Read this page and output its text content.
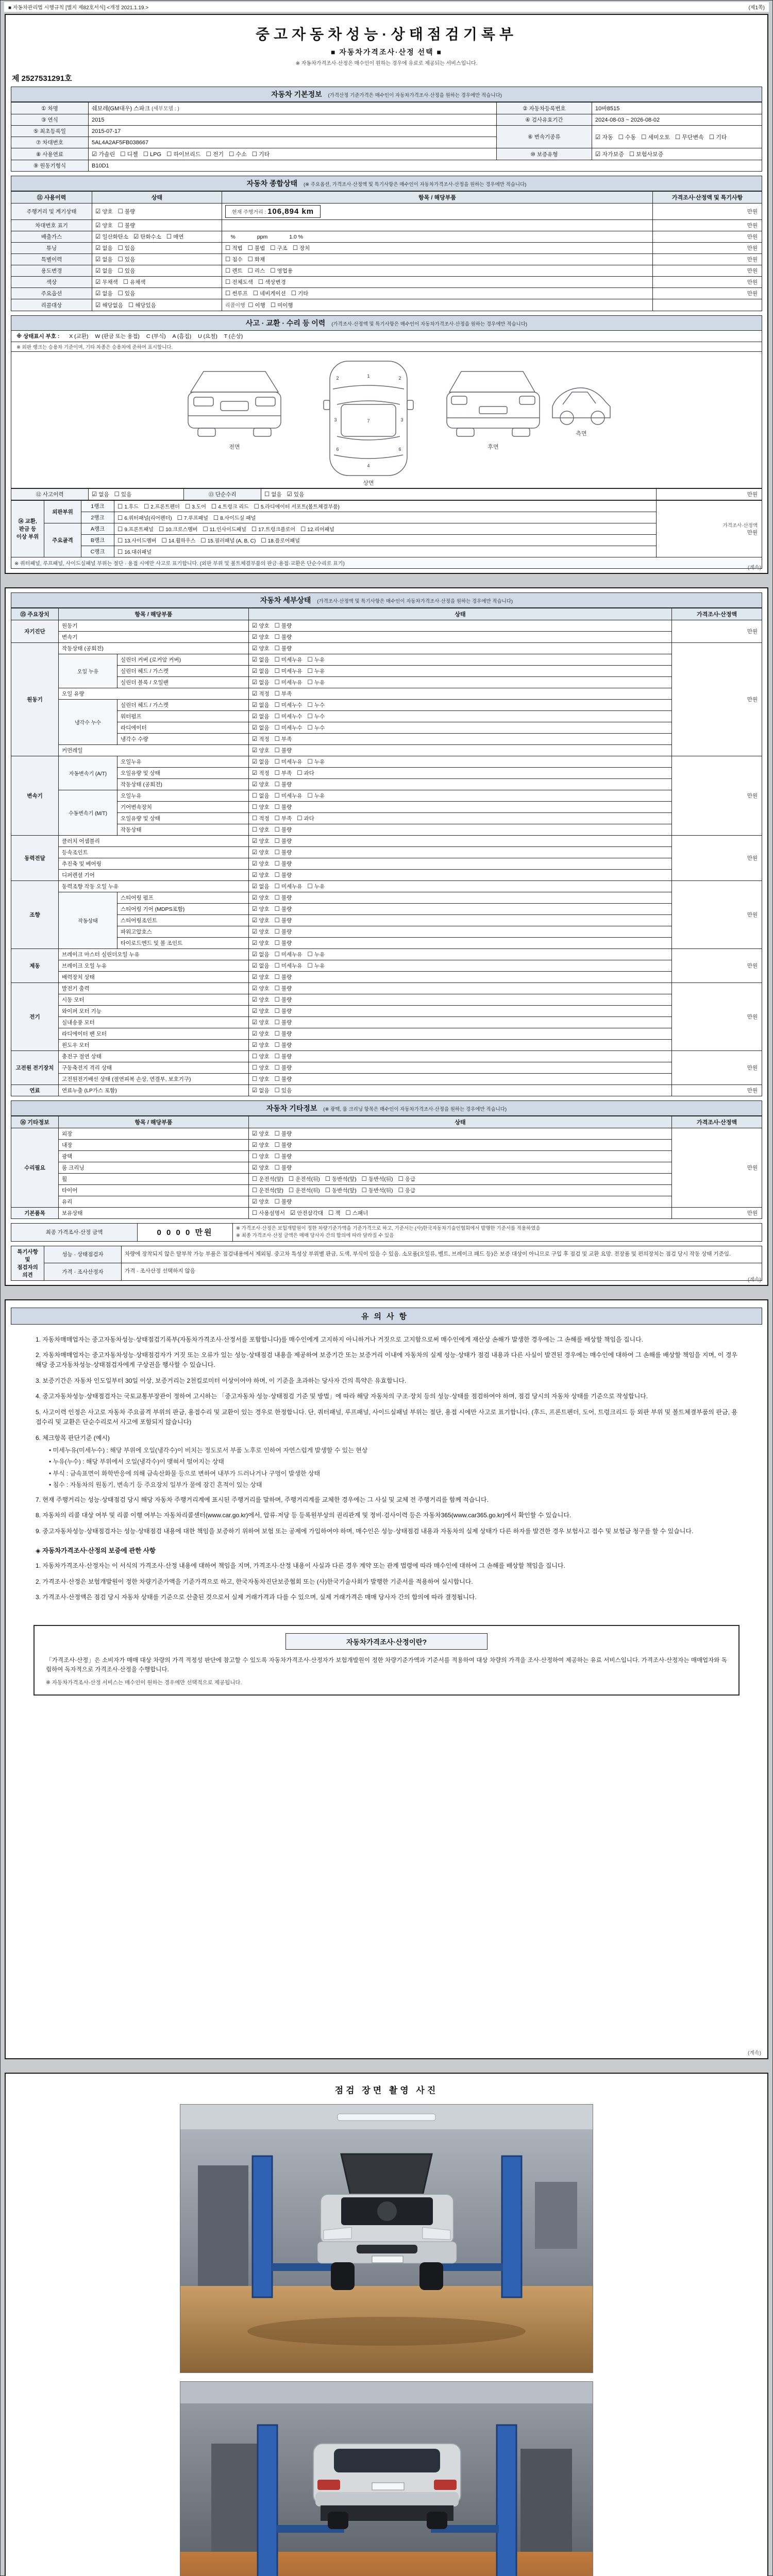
■ 자동차관리법 시행규칙 [별지 제82호서식] <개정 2021.1.19.>	(제1쪽)
중고자동차성능·상태점검기록부
■ 자동차가격조사·산정 선택 ■
※ 자동차가격조사·산정은 매수인이 원하는 경우에 유료로 제공되는 서비스입니다.
제 2527531291호
자동차 기본정보 (가격산정 기준가격은 매수인이 자동차가격조사·산정을 원하는 경우에만 적습니다)
① 차명	쉐보레(GM대우) 스파크 (세부모델 : )	② 자동차등록번호	10바8515
③ 연식	2015	④ 검사유효기간	2024-08-03 ~ 2026-08-02
⑤ 최초등록일	2015-07-17	⑥ 변속기종류	☑ 자동 ☐ 수동 ☐ 세미오토 ☐ 무단변속 ☐ 기타
⑦ 차대번호	5AL4A2AF5FB038667		
⑧ 사용연료	☑ 가솔린 ☐ 디젤 ☐ LPG ☐ 하이브리드 ☐ 전기 ☐ 수소 ☐ 기타	⑩ 보증유형	☑ 자가보증 ☐ 보험사보증
⑨ 원동기형식	B10D1		
자동차 종합상태 (※ 주요옵션, 가격조사·산정액 및 특기사항은 매수인이 자동차가격조사·산정을 원하는 경우에만 적습니다)
⑪ 사용이력	상태	항목 / 해당부품	가격조사·산정액 및 특기사항
주행거리 및 계기상태	☑ 양호 ☐ 불량	현재 주행거리 : 106,894 km	만원
차대번호 표기	☑ 양호 ☐ 불량		만원
배출가스	☑ 일산화탄소 ☑ 탄화수소 ☐ 매연	　%　　　　ppm　　　　1.0 %	만원
튜닝	☑ 없음 ☐ 있음	☐ 적법 ☐ 불법 ☐ 구조 ☐ 장치	만원
특별이력	☑ 없음 ☐ 있음	☐ 침수 ☐ 화재	만원
용도변경	☑ 없음 ☐ 있음	☐ 렌트 ☐ 리스 ☐ 영업용	만원
색상	☑ 무채색 ☐ 유채색	☐ 전체도색 ☐ 색상변경	만원
주요옵션	☑ 없음 ☐ 있음	☐ 썬루프 ☐ 네비게이션 ☐ 기타	만원
리콜대상	☑ 해당없음 ☐ 해당있음	리콜이행  ☐ 이행 ☐ 미이행	
사고 · 교환 · 수리 등 이력 (가격조사·산정액 및 특기사항은 매수인이 자동차가격조사·산정을 원하는 경우에만 적습니다)
※ 상태표시 부호 : X (교환) W (판금 또는 용접) C (부식) A (흠집) U (요철) T (손상)
※ 외판 랭크는 승용차 기준이며, 기타 차종은 승용차에 준하여 표시합니다.
전면
1
2	2
3	3
7
6	6
4
상면
후면
측면
⑫ 사고이력	☑ 없음 ☐ 있음	⑬ 단순수리	☐ 없음 ☑ 있음	만원
⑭ 교환, 판금 등 이상 부위	외판부위	1랭크	☐ 1.후드 ☐ 2.프론트펜더 ☐ 3.도어 ☐ 4.트렁크 리드 ☐ 5.라디에이터 서포트(볼트체결부품)	가격조사·산정액
만원

		2랭크	☐ 6.쿼터패널(리어펜더) ☐ 7.루프패널 ☐ 8.사이드실 패널	
	주요골격	A랭크	☐ 9.프론트패널 ☐ 10.크로스멤버 ☐ 11.인사이드패널 ☐ 17.트렁크플로어 ☐ 12.리어패널	
		B랭크	☐ 13.사이드멤버 ☐ 14.휠하우스 ☐ 15.필러패널 (A, B, C) ☐ 18.플로어패널	
		C랭크	☐ 16.대쉬패널	
※ 쿼터패널, 루프패널, 사이드실패널 부위는 절단 · 용접 시에만 사고로 표기합니다. (외판 부위 및 볼트체결부품의 판금·용접·교환은 단순수리로 표기)				
(계속)
자동차 세부상태 (가격조사·산정액 및 특기사항은 매수인이 자동차가격조사·산정을 원하는 경우에만 적습니다)
⑮ 주요장치	항목 / 해당부품		상태	가격조사·산정액
자기진단	원동기		☑ 양호 ☐ 불량	만원
	변속기		☑ 양호 ☐ 불량	
원동기	작동상태 (공회전)		☑ 양호 ☐ 불량	만원
	오일 누유	실린더 커버 (로커암 커버)	☑ 없음 ☐ 미세누유 ☐ 누유	
		실린더 헤드 / 가스켓	☑ 없음 ☐ 미세누유 ☐ 누유	
		실린더 블록 / 오일팬	☑ 없음 ☐ 미세누유 ☐ 누유	
	오일 유량		☑ 적정 ☐ 부족	
	냉각수 누수	실린더 헤드 / 가스켓	☑ 없음 ☐ 미세누수 ☐ 누수	
		워터펌프	☑ 없음 ☐ 미세누수 ☐ 누수	
		라디에이터	☑ 없음 ☐ 미세누수 ☐ 누수	
		냉각수 수량	☑ 적정 ☐ 부족	
	커먼레일		☑ 양호 ☐ 불량	
변속기	자동변속기 (A/T)	오일누유	☑ 없음 ☐ 미세누유 ☐ 누유	만원
		오일유량 및 상태	☑ 적정 ☐ 부족 ☐ 과다	
		작동상태 (공회전)	☑ 양호 ☐ 불량	
	수동변속기 (M/T)	오일누유	☐ 없음 ☐ 미세누유 ☐ 누유	
		기어변속장치	☐ 양호 ☐ 불량	
		오일유량 및 상태	☐ 적정 ☐ 부족 ☐ 과다	
		작동상태	☐ 양호 ☐ 불량	
동력전달	클러치 어셈블리		☑ 양호 ☐ 불량	만원
	등속조인트		☑ 양호 ☐ 불량	
	추진축 및 베어링		☑ 양호 ☐ 불량	
	디퍼렌셜 기어		☑ 양호 ☐ 불량	
조향	동력조향 작동 오일 누유		☑ 없음 ☐ 미세누유 ☐ 누유	만원
	작동상태	스티어링 펌프	☑ 양호 ☐ 불량	
		스티어링 기어 (MDPS포함)	☑ 양호 ☐ 불량	
		스티어링조인트	☑ 양호 ☐ 불량	
		파워고압호스	☑ 양호 ☐ 불량	
		타이로드엔드 및 볼 조인트	☑ 양호 ☐ 불량	
제동	브레이크 마스터 실린더오일 누유		☑ 없음 ☐ 미세누유 ☐ 누유	만원
	브레이크 오일 누유		☑ 없음 ☐ 미세누유 ☐ 누유	
	배력장치 상태		☑ 양호 ☐ 불량	
전기	발전기 출력		☑ 양호 ☐ 불량	만원
	시동 모터		☑ 양호 ☐ 불량	
	와이퍼 모터 기능		☑ 양호 ☐ 불량	
	실내송풍 모터		☑ 양호 ☐ 불량	
	라디에이터 팬 모터		☑ 양호 ☐ 불량	
	윈도우 모터		☑ 양호 ☐ 불량	
고전원 전기장치	충전구 절연 상태		☐ 양호 ☐ 불량	만원
	구동축전지 격리 상태		☐ 양호 ☐ 불량	
	고전원전기배선 상태 (절연피복 손상, 연결부, 보호기구)		☐ 양호 ☐ 불량	
연료	연료누출 (LP가스 포함)		☑ 없음 ☐ 있음	만원
자동차 기타정보 (※ 광택, 룸 크리닝 항목은 매수인이 자동차가격조사·산정을 원하는 경우에만 적습니다)
⑯ 기타정보	항목 / 해당부품	상태	가격조사·산정액
수리필요	외장	☑ 양호 ☐ 불량	만원
	내장	☑ 양호 ☐ 불량	
	광택	☐ 양호 ☐ 불량	
	룸 크리닝	☑ 양호 ☐ 불량	
	휠	☐ 운전석(앞) ☐ 운전석(뒤) ☐ 동반석(앞) ☐ 동반석(뒤) ☐ 응급	
	타이어	☐ 운전석(앞) ☐ 운전석(뒤) ☐ 동반석(앞) ☐ 동반석(뒤) ☐ 응급	
	유리	☑ 양호 ☐ 불량	
기본품목	보유상태	☐ 사용설명서 ☑ 안전삼각대 ☐ 잭 ☐ 스패너	만원
최종 가격조사·산정 금액	0 0 0 0 만원	※ 가격조사·산정은 보험개발원이 정한 차량기준가액을 기준가격으로 하고, 기준서는 (사)한국자동차기술인협회에서 발행한 기준서를 적용하였음
※ 최종 가격조사·산정 금액은 매매 당사자 간의 합의에 따라 달라질 수 있음
특기사항 및 점검자의 의견	성능 · 상태점검자	차량에 장착되지 않은 탈부착 가능 부품은 점검내용에서 제외됨. 중고차 특성상 부위별 판금, 도색, 부식이 있을 수 있음. 소모품(오일류, 벨트, 브레이크 패드 등)은 보증 대상이 아니므로 구입 후 점검 및 교환 요망. 전장품 및 편의장치는 점검 당시 작동 상태 기준임.
	가격 · 조사산정자	가격 · 조사산정 선택하지 않음
(계속)
유의사항
1. 자동차매매업자는 중고자동차성능·상태점검기록부(자동차가격조사·산정서를 포함합니다)를 매수인에게 고지하지 아니하거나 거짓으로 고지함으로써 매수인에게 재산상 손해가 발생한 경우에는 그 손해를 배상할 책임을 집니다.
2. 자동차매매업자는 중고자동차성능·상태점검자가 거짓 또는 오류가 있는 성능·상태점검 내용을 제공하여 보증기간 또는 보증거리 이내에 자동차의 실제 성능·상태가 점검 내용과 다른 사실이 발견된 경우에는 매수인에 대하여 그 손해를 배상할 책임을 지며, 이 경우 해당 중고자동차성능·상태점검자에게 구상권을 행사할 수 있습니다.
3. 보증기간은 자동차 인도일부터 30일 이상, 보증거리는 2천킬로미터 이상이어야 하며, 이 기준을 초과하는 당사자 간의 특약은 유효합니다.
4. 중고자동차성능·상태점검자는 국토교통부장관이 정하여 고시하는 「중고자동차 성능·상태점검 기준 및 방법」에 따라 해당 자동차의 구조·장치 등의 성능·상태를 점검하여야 하며, 점검 당시의 자동차 상태를 기준으로 작성합니다.
5. 사고이력 인정은 사고로 자동차 주요골격 부위의 판금, 용접수리 및 교환이 있는 경우로 한정합니다. 단, 쿼터패널, 루프패널, 사이드실패널 부위는 절단, 용접 시에만 사고로 표기합니다. (후드, 프론트펜더, 도어, 트렁크리드 등 외판 부위 및 볼트체결부품의 판금, 용접수리 및 교환은 단순수리로서 사고에 포함되지 않습니다)
6. 체크항목 판단기준 (예시)
• 미세누유(미세누수) : 해당 부위에 오일(냉각수)이 비치는 정도로서 부품 노후로 인하여 자연스럽게 발생할 수 있는 현상
• 누유(누수) : 해당 부위에서 오일(냉각수)이 맺혀서 떨어지는 상태
• 부식 : 금속표면이 화학반응에 의해 금속산화물 등으로 변하여 내부가 드러나거나 구멍이 발생한 상태
• 침수 : 자동차의 원동기, 변속기 등 주요장치 일부가 물에 잠긴 흔적이 있는 상태
7. 현재 주행거리는 성능·상태점검 당시 해당 자동차 주행거리계에 표시된 주행거리를 말하며, 주행거리계를 교체한 경우에는 그 사실 및 교체 전 주행거리를 함께 적습니다.
8. 자동차의 리콜 대상 여부 및 리콜 이행 여부는 자동차리콜센터(www.car.go.kr)에서, 압류·저당 등 등록원부상의 권리관계 및 정비·검사이력 등은 자동차365(www.car365.go.kr)에서 확인할 수 있습니다.
9. 중고자동차성능·상태점검자는 성능·상태점검 내용에 대한 책임을 보증하기 위하여 보험 또는 공제에 가입하여야 하며, 매수인은 성능·상태점검 내용과 자동차의 실제 상태가 다른 하자를 발견한 경우 보험사고 접수 및 보험금 청구를 할 수 있습니다.
◈ 자동차가격조사·산정의 보증에 관한 사항
1. 자동차가격조사·산정자는 이 서식의 가격조사·산정 내용에 대하여 책임을 지며, 가격조사·산정 내용이 사실과 다른 경우 계약 또는 관계 법령에 따라 매수인에 대하여 그 손해를 배상할 책임을 집니다.
2. 가격조사·산정은 보험개발원이 정한 차량기준가액을 기준가격으로 하고, 한국자동차진단보증협회 또는 (사)한국기술사회가 발행한 기준서를 적용하여 실시합니다.
3. 가격조사·산정액은 점검 당시 자동차 상태를 기준으로 산출된 것으로서 실제 거래가격과 다를 수 있으며, 실제 거래가격은 매매 당사자 간의 합의에 따라 결정됩니다.
자동차가격조사·산정이란?
「가격조사·산정」은 소비자가 매매 대상 차량의 가격 적정성 판단에 참고할 수 있도록 자동차가격조사·산정자가 보험개발원이 정한 차량기준가액과 기준서를 적용하여 대상 차량의 가격을 조사·산정하여 제공하는 유료 서비스입니다. 가격조사·산정자는 매매업자와 독립하여 독자적으로 가격조사·산정을 수행합니다.
※ 자동차가격조사·산정 서비스는 매수인이 원하는 경우에만 선택적으로 제공됩니다.
(계속)
점검 장면 촬영 사진
